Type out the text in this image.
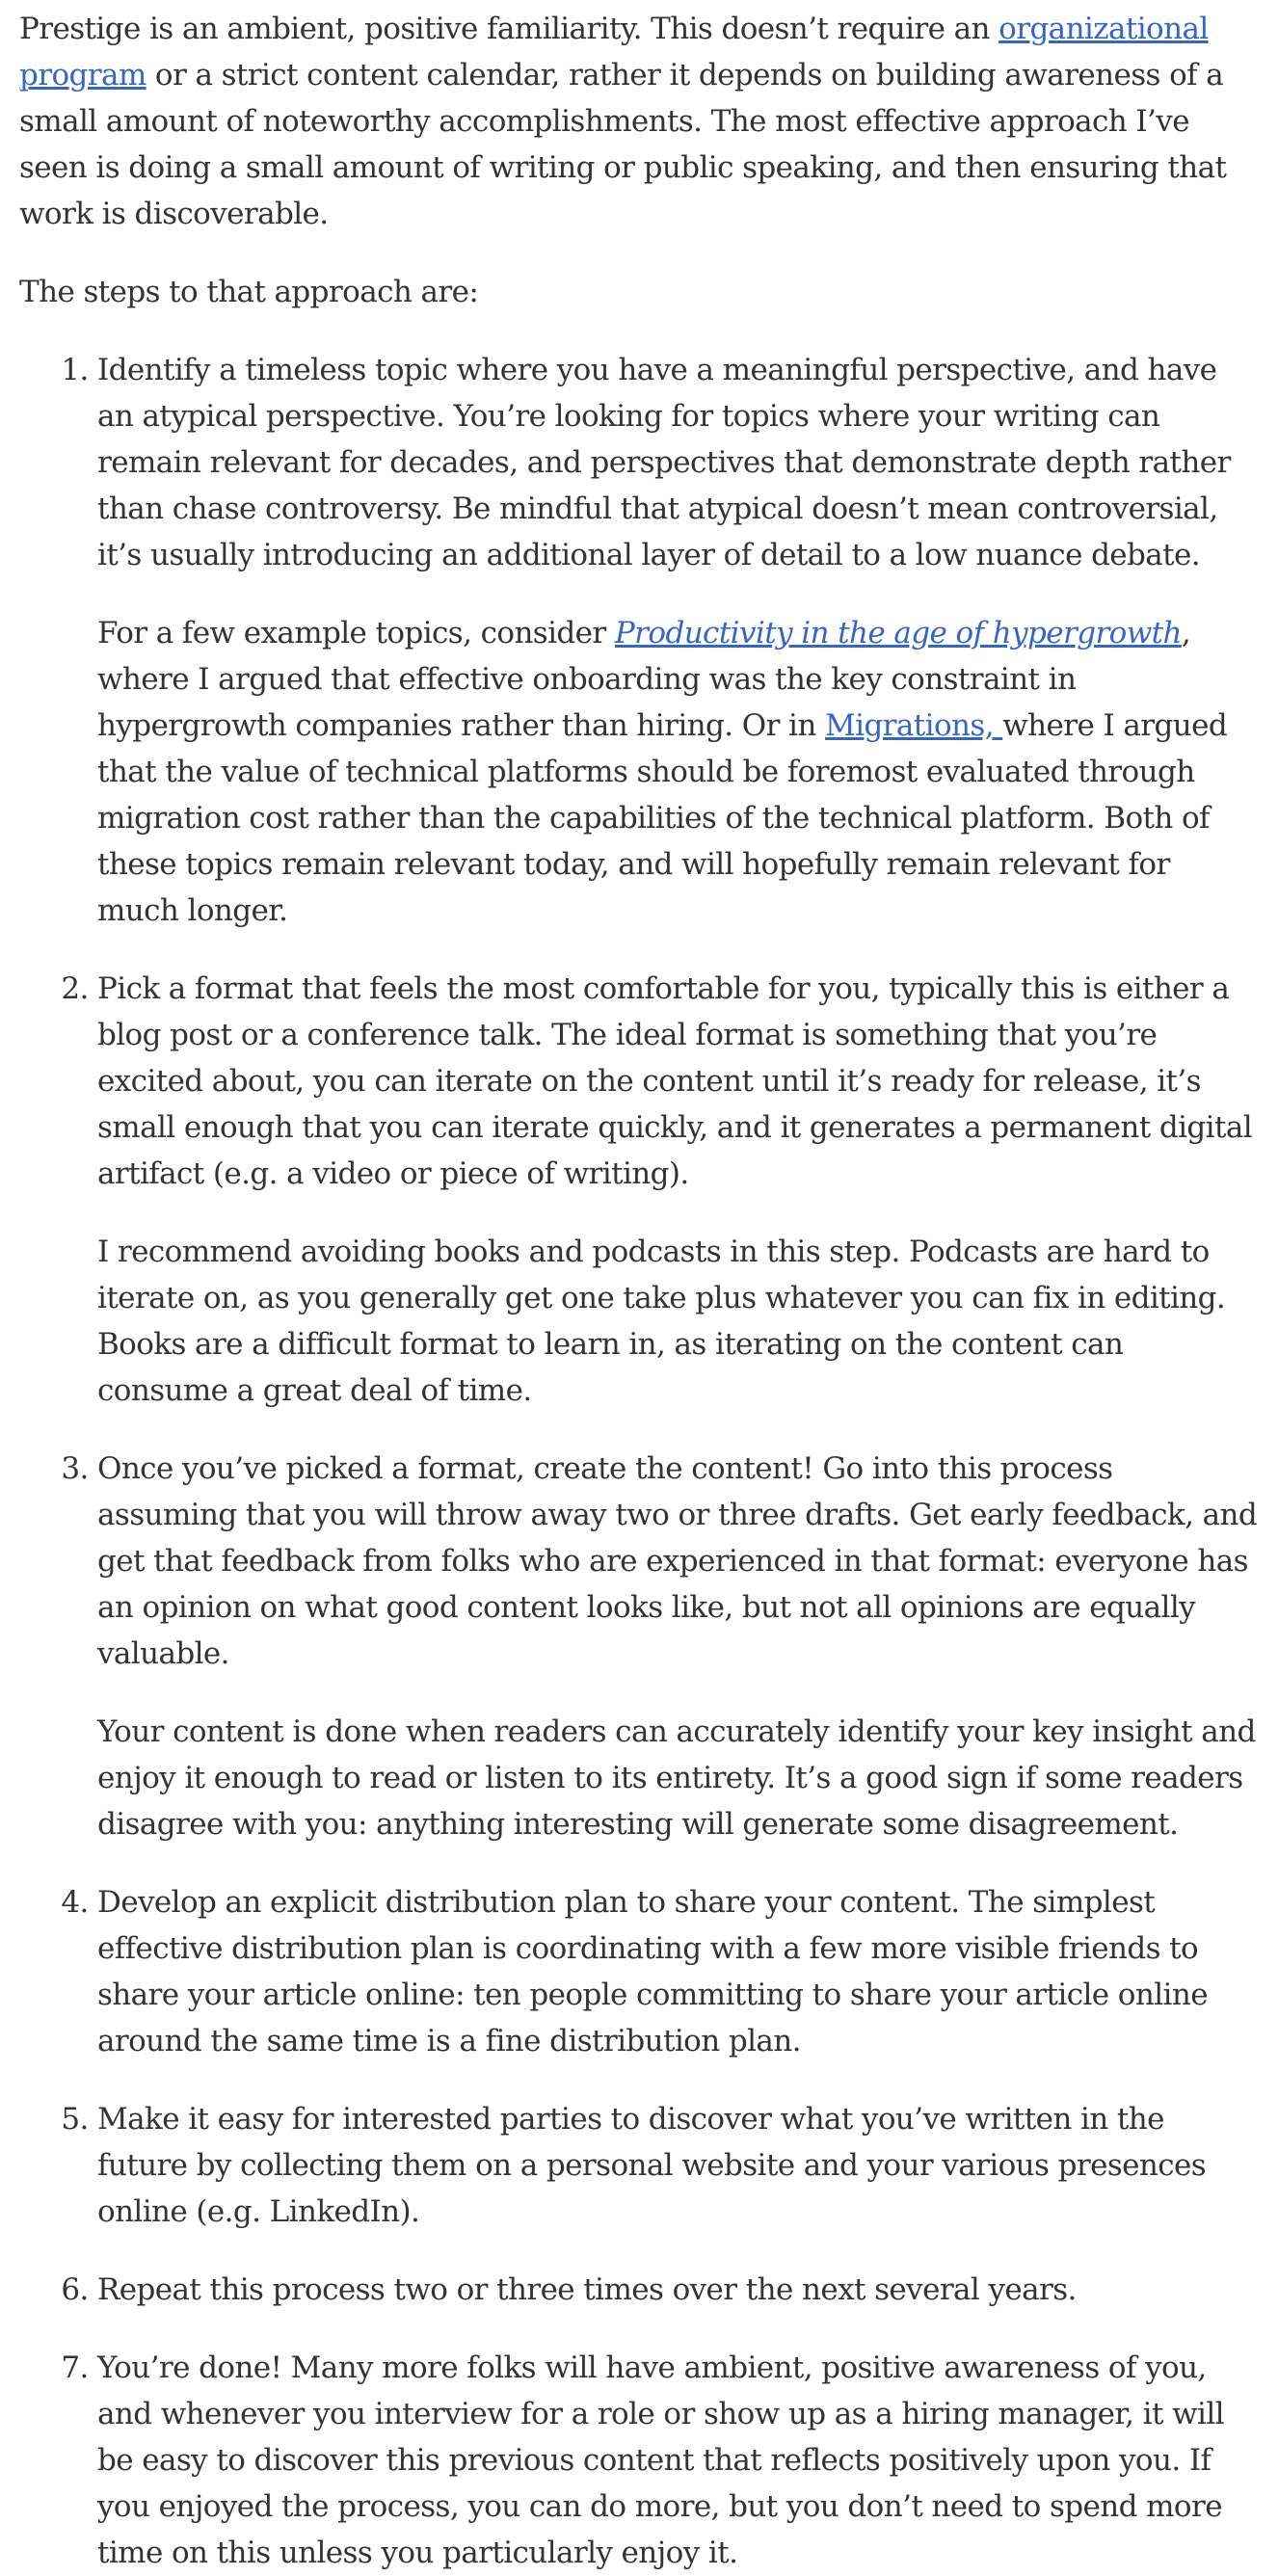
Prestige is an ambient, positive familiarity. This doesn’t require an organizational program or a strict content calendar, rather it depends on building awareness of a small amount of noteworthy accomplishments. The most effective approach I’ve seen is doing a small amount of writing or public speaking, and then ensuring that work is discoverable.

The steps to that approach are:

1. Identify a timeless topic where you have a meaningful perspective, and have an atypical perspective. You’re looking for topics where your writing can remain relevant for decades, and perspectives that demonstrate depth rather than chase controversy. Be mindful that atypical doesn’t mean controversial, it’s usually introducing an additional layer of detail to a low nuance debate.

For a few example topics, consider Productivity in the age of hypergrowth, where I argued that effective onboarding was the key constraint in hypergrowth companies rather than hiring. Or in Migrations, where I argued that the value of technical platforms should be foremost evaluated through migration cost rather than the capabilities of the technical platform. Both of these topics remain relevant today, and will hopefully remain relevant for much longer.

2. Pick a format that feels the most comfortable for you, typically this is either a blog post or a conference talk. The ideal format is something that you’re excited about, you can iterate on the content until it’s ready for release, it’s small enough that you can iterate quickly, and it generates a permanent digital artifact (e.g. a video or piece of writing).

I recommend avoiding books and podcasts in this step. Podcasts are hard to iterate on, as you generally get one take plus whatever you can fix in editing. Books are a difficult format to learn in, as iterating on the content can consume a great deal of time.

3. Once you’ve picked a format, create the content! Go into this process assuming that you will throw away two or three drafts. Get early feedback, and get that feedback from folks who are experienced in that format: everyone has an opinion on what good content looks like, but not all opinions are equally valuable.

Your content is done when readers can accurately identify your key insight and enjoy it enough to read or listen to its entirety. It’s a good sign if some readers disagree with you: anything interesting will generate some disagreement.

4. Develop an explicit distribution plan to share your content. The simplest effective distribution plan is coordinating with a few more visible friends to share your article online: ten people committing to share your article online around the same time is a fine distribution plan.

5. Make it easy for interested parties to discover what you’ve written in the future by collecting them on a personal website and your various presences online (e.g. LinkedIn).

6. Repeat this process two or three times over the next several years.

7. You’re done! Many more folks will have ambient, positive awareness of you, and whenever you interview for a role or show up as a hiring manager, it will be easy to discover this previous content that reflects positively upon you. If you enjoyed the process, you can do more, but you don’t need to spend more time on this unless you particularly enjoy it.
